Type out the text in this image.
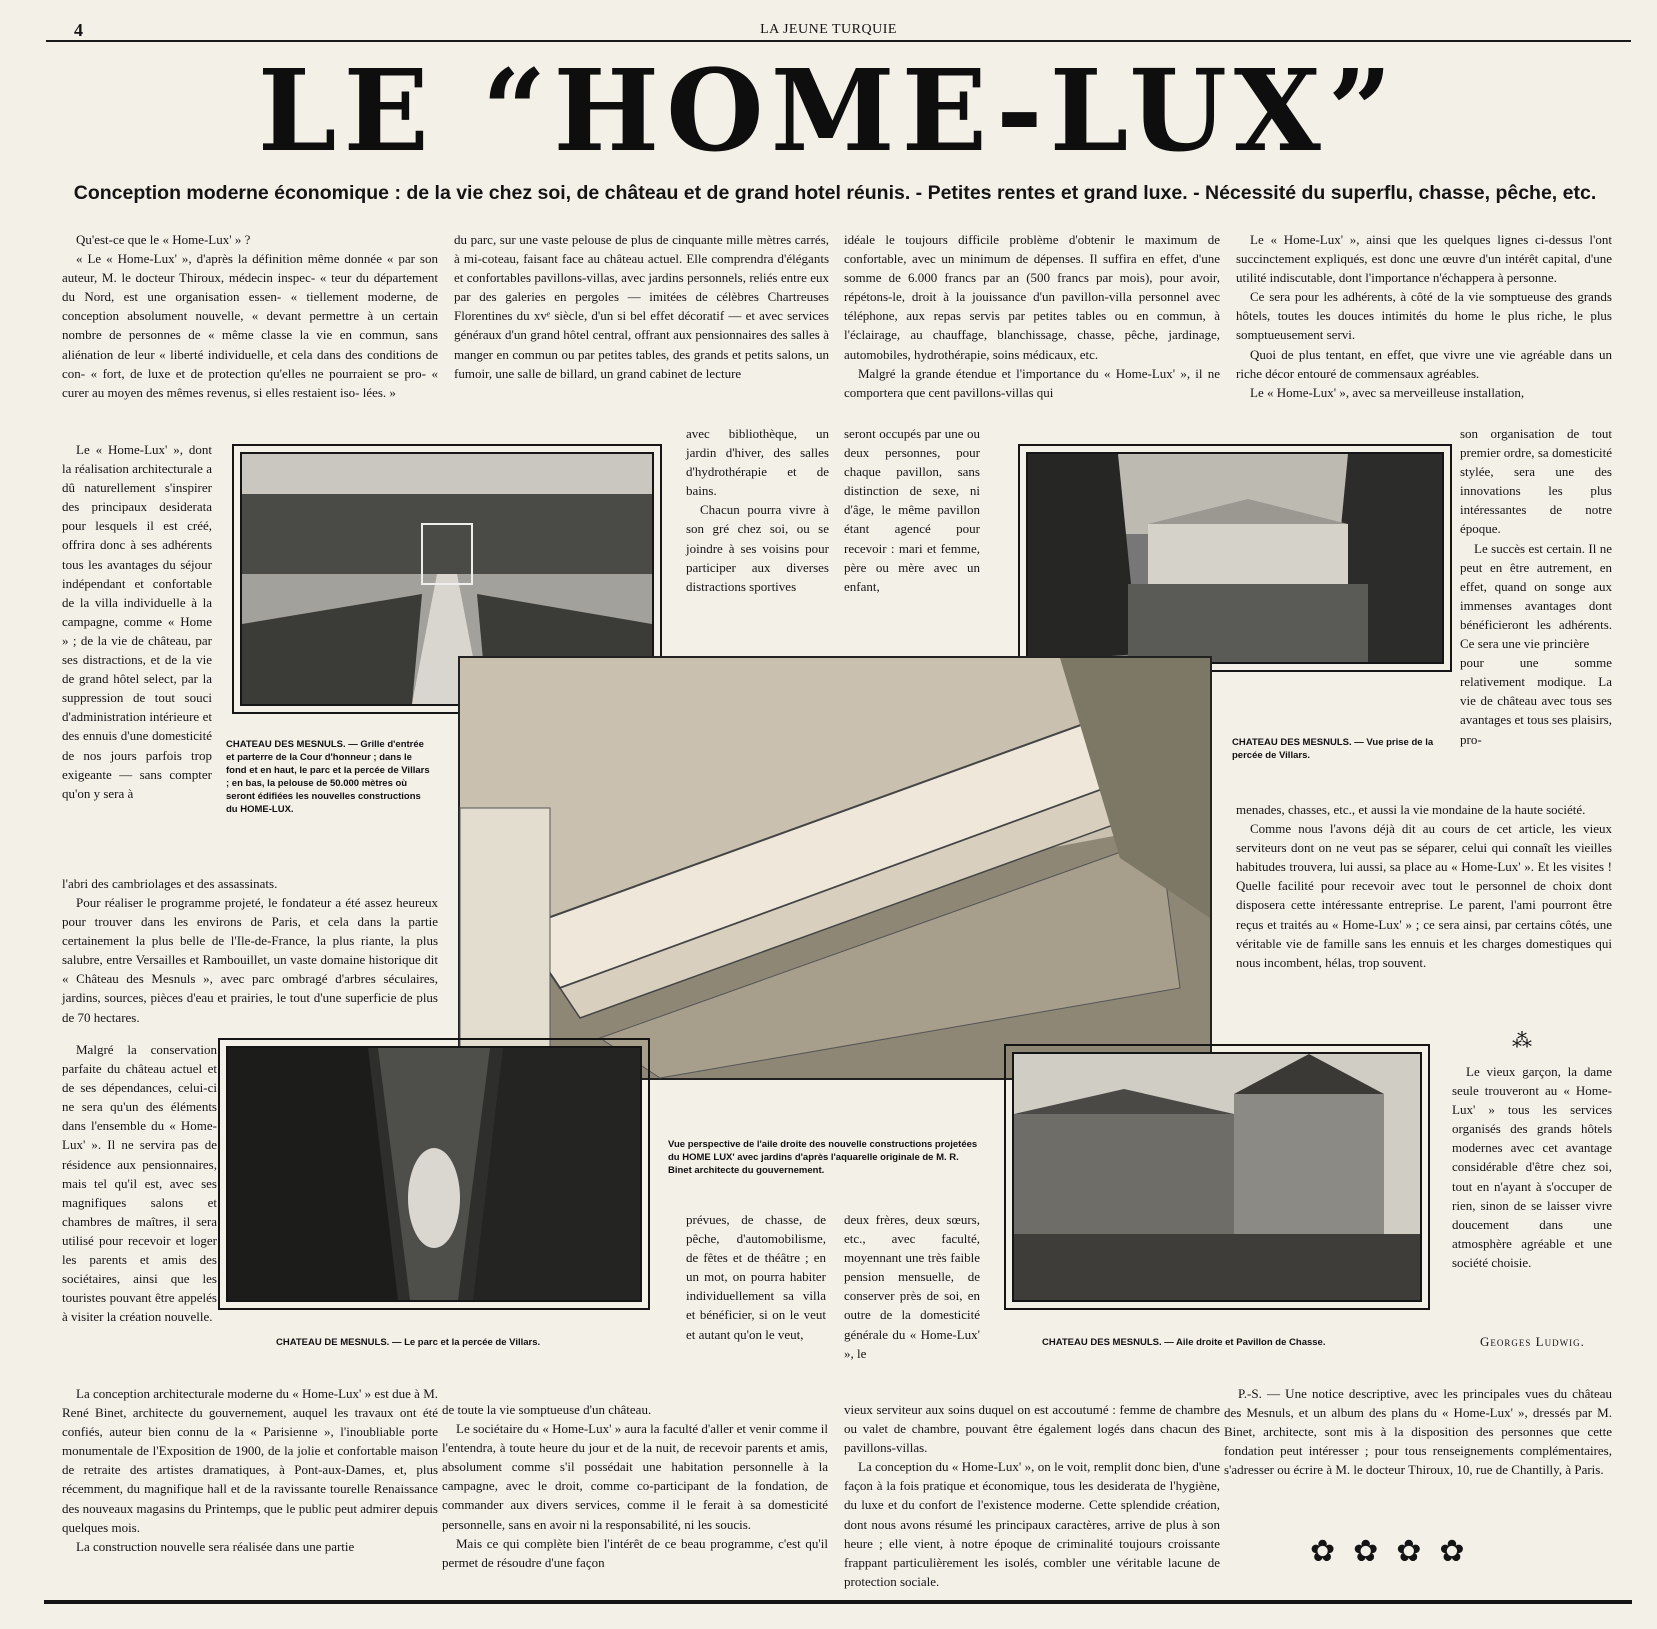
4	LA JEUNE TURQUIE
LE “HOME-LUX”
Conception moderne économique : de la vie chez soi, de château et de grand hotel réunis. - Petites rentes et grand luxe. - Nécessité du superflu, chasse, pêche, etc.

Qu'est-ce que le « Home-Lux' » ?

« Le « Home-Lux' », d'après la définition même donnée « par son auteur, M. le docteur Thiroux, médecin inspec- « teur du département du Nord, est une organisation essen- « tiellement moderne, de conception absolument nouvelle, « devant permettre à un certain nombre de personnes de « même classe la vie en commun, sans aliénation de leur « liberté individuelle, et cela dans des conditions de con- « fort, de luxe et de protection qu'elles ne pourraient se pro- « curer au moyen des mêmes revenus, si elles restaient iso- lées. »

Le « Home-Lux' », dont la réalisation architecturale a dû naturellement s'inspirer des principaux desiderata pour lesquels il est créé, offrira donc à ses adhérents tous les avantages du séjour indépendant et confortable de la villa individuelle à la campagne, comme « Home » ; de la vie de château, par ses distractions, et de la vie de grand hôtel select, par la suppression de tout souci d'administration intérieure et des ennuis d'une domesticité de nos jours parfois trop exigeante — sans compter qu'on y sera à

l'abri des cambriolages et des assassinats.

Pour réaliser le programme projeté, le fondateur a été assez heureux pour trouver dans les environs de Paris, et cela dans la partie certainement la plus belle de l'Ile-de-France, la plus riante, la plus salubre, entre Versailles et Rambouillet, un vaste domaine historique dit « Château des Mesnuls », avec parc ombragé d'arbres séculaires, jardins, sources, pièces d'eau et prairies, le tout d'une superficie de plus de 70 hectares.

Malgré la conservation parfaite du château actuel et de ses dépendances, celui-ci ne sera qu'un des éléments dans l'ensemble du « Home-Lux' ». Il ne servira pas de résidence aux pensionnaires, mais tel qu'il est, avec ses magnifiques salons et chambres de maîtres, il sera utilisé pour recevoir et loger les parents et amis des sociétaires, ainsi que les touristes pouvant être appelés à visiter la création nouvelle.

La conception architecturale moderne du « Home-Lux' » est due à M. René Binet, architecte du gouvernement, auquel les travaux ont été confiés, auteur bien connu de la « Parisienne », l'inoubliable porte monumentale de l'Exposition de 1900, de la jolie et confortable maison de retraite des artistes dramatiques, à Pont-aux-Dames, et, plus récemment, du magnifique hall et de la ravissante tourelle Renaissance des nouveaux magasins du Printemps, que le public peut admirer depuis quelques mois.

La construction nouvelle sera réalisée dans une partie

du parc, sur une vaste pelouse de plus de cinquante mille mètres carrés, à mi-coteau, faisant face au château actuel. Elle comprendra d'élégants et confortables pavillons-villas, avec jardins personnels, reliés entre eux par des galeries en pergoles — imitées de célèbres Chartreuses Florentines du xvᵉ siècle, d'un si bel effet décoratif — et avec services généraux d'un grand hôtel central, offrant aux pensionnaires des salles à manger en commun ou par petites tables, des grands et petits salons, un fumoir, une salle de billard, un grand cabinet de lecture

avec bibliothèque, un jardin d'hiver, des salles d'hydrothérapie et de bains.

Chacun pourra vivre à son gré chez soi, ou se joindre à ses voisins pour participer aux diverses distractions sportives

idéale le toujours difficile problème d'obtenir le maximum de confortable, avec un minimum de dépenses. Il suffira en effet, d'une somme de 6.000 francs par an (500 francs par mois), pour avoir, répétons-le, droit à la jouissance d'un pavillon-villa personnel avec téléphone, aux repas servis par petites tables ou en commun, à l'éclairage, au chauffage, blanchissage, chasse, pêche, jardinage, automobiles, hydrothérapie, soins médicaux, etc.

Malgré la grande étendue et l'importance du « Home-Lux' », il ne comportera que cent pavillons-villas qui

seront occupés par une ou deux personnes, pour chaque pavillon, sans distinction de sexe, ni d'âge, le même pavillon étant agencé pour recevoir : mari et femme, père ou mère avec un enfant,

Le « Home-Lux' », ainsi que les quelques lignes ci-dessus l'ont succinctement expliqués, est donc une œuvre d'un intérêt capital, d'une utilité indiscutable, dont l'importance n'échappera à personne.

Ce sera pour les adhérents, à côté de la vie somptueuse des grands hôtels, toutes les douces intimités du home le plus riche, le plus somptueusement servi.

Quoi de plus tentant, en effet, que vivre une vie agréable dans un riche décor entouré de commensaux agréables.

Le « Home-Lux' », avec sa merveilleuse installation,

son organisation de tout premier ordre, sa domesticité stylée, sera une des innovations les plus intéressantes de notre époque.

Le succès est certain. Il ne peut en être autrement, en effet, quand on songe aux immenses avantages dont bénéficieront les adhérents. Ce sera une vie princière

pour une somme relativement modique. La vie de château avec tous ses avantages et tous ses plaisirs, pro-

menades, chasses, etc., et aussi la vie mondaine de la haute société.

Comme nous l'avons déjà dit au cours de cet article, les vieux serviteurs dont on ne veut pas se séparer, celui qui connaît les vieilles habitudes trouvera, lui aussi, sa place au « Home-Lux' ». Et les visites ! Quelle facilité pour recevoir avec tout le personnel de choix dont disposera cette intéressante entreprise. Le parent, l'ami pourront être reçus et traités au « Home-Lux' » ; ce sera ainsi, par certains côtés, une véritable vie de famille sans les ennuis et les charges domestiques qui nous incombent, hélas, trop souvent.

⁂

Le vieux garçon, la dame seule trouveront au « Home-Lux' » tous les services organisés des grands hôtels modernes avec cet avantage considérable d'être chez soi, tout en n'ayant à s'occuper de rien, sinon de se laisser vivre doucement dans une atmosphère agréable et une société choisie.

Georges Ludwig.

P.-S. — Une notice descriptive, avec les principales vues du château des Mesnuls, et un album des plans du « Home-Lux' », dressés par M. Binet, architecte, sont mis à la disposition des personnes que cette fondation peut intéresser ; pour tous renseignements complémentaires, s'adresser ou écrire à M. le docteur Thiroux, 10, rue de Chantilly, à Paris.

✿✿✿✿

prévues, de chasse, de pêche, d'automobilisme, de fêtes et de théâtre ; en un mot, on pourra habiter individuellement sa villa et bénéficier, si on le veut et autant qu'on le veut,

deux frères, deux sœurs, etc., avec faculté, moyennant une très faible pension mensuelle, de conserver près de soi, en outre de la domesticité générale du « Home-Lux' », le

de toute la vie somptueuse d'un château.

Le sociétaire du « Home-Lux' » aura la faculté d'aller et venir comme il l'entendra, à toute heure du jour et de la nuit, de recevoir parents et amis, absolument comme s'il possédait une habitation personnelle à la campagne, avec le droit, comme co-participant de la fondation, de commander aux divers services, comme il le ferait à sa domesticité personnelle, sans en avoir ni la responsabilité, ni les soucis.

Mais ce qui complète bien l'intérêt de ce beau programme, c'est qu'il permet de résoudre d'une façon

vieux serviteur aux soins duquel on est accoutumé : femme de chambre ou valet de chambre, pouvant être également logés dans chacun des pavillons-villas.

La conception du « Home-Lux' », on le voit, remplit donc bien, d'une façon à la fois pratique et économique, tous les desiderata de l'hygiène, du luxe et du confort de l'existence moderne. Cette splendide création, dont nous avons résumé les principaux caractères, arrive de plus à son heure ; elle vient, à notre époque de criminalité toujours croissante frappant particulièrement les isolés, combler une véritable lacune de protection sociale.

CHATEAU DES MESNULS. — Grille d'entrée et parterre de la Cour d'honneur ; dans le fond et en haut, le parc et la percée de Villars ; en bas, la pelouse de 50.000 mètres où seront édifiées les nouvelles constructions du HOME-LUX.
CHATEAU DES MESNULS. — Vue prise de la percée de Villars.
Vue perspective de l'aile droite des nouvelle constructions projetées du HOME LUX' avec jardins d'après l'aquarelle originale de M. R. Binet architecte du gouvernement.
CHATEAU DE MESNULS. — Le parc et la percée de Villars.	CHATEAU DES MESNULS. — Aile droite et Pavillon de Chasse.
